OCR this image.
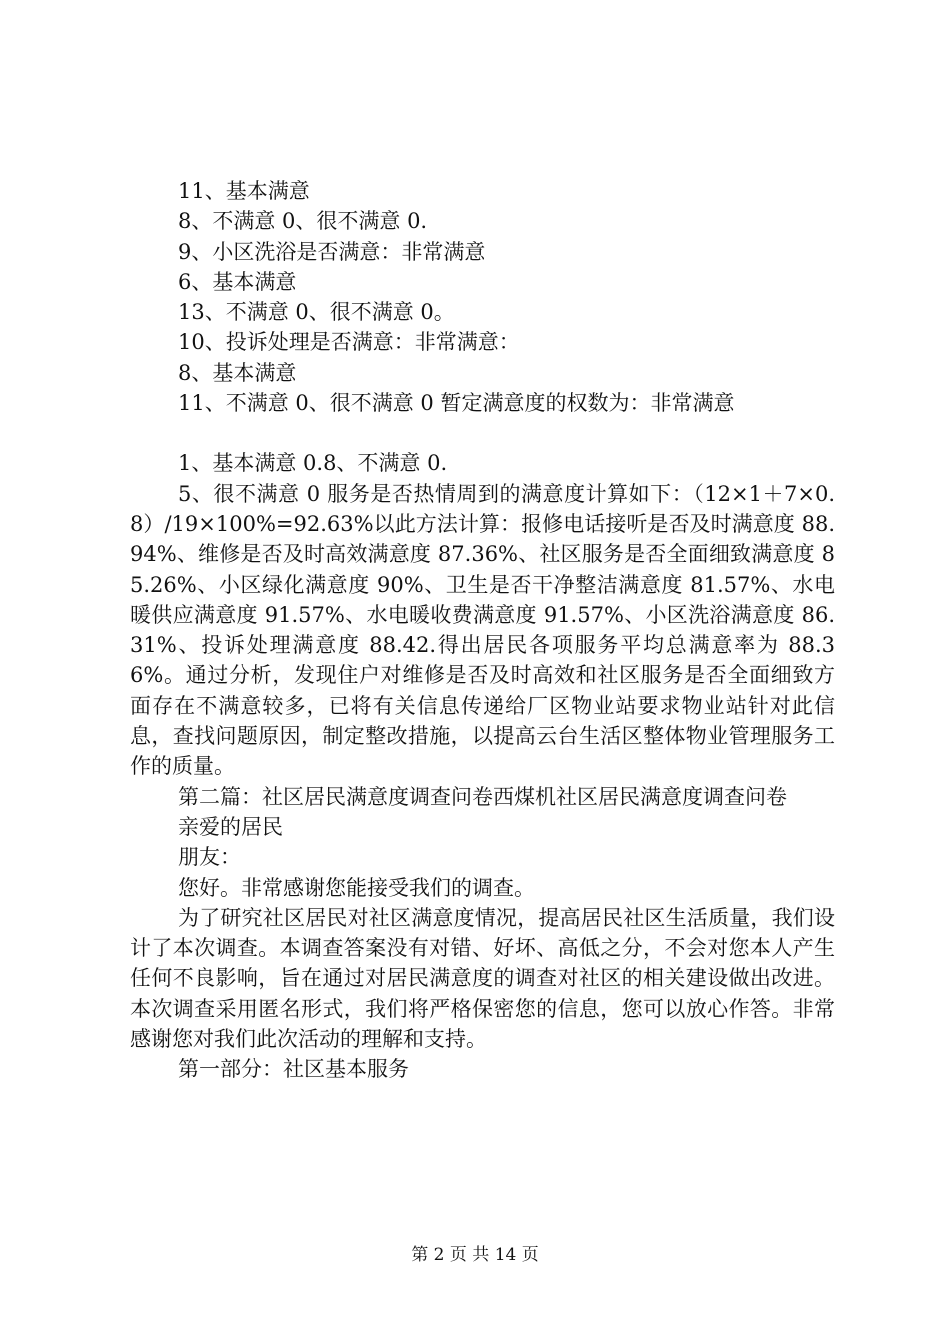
11、基本满意

8、不满意 0、很不满意 0.

9、小区洗浴是否满意：非常满意

6、基本满意

13、不满意 0、很不满意 0。

10、投诉处理是否满意：非常满意：

8、基本满意

11、不满意 0、很不满意 0 暂定满意度的权数为：非常满意

1、基本满意 0.8、不满意 0.

5、很不满意 0 服务是否热情周到的满意度计算如下：（12×1＋7×0.8）/19×100%=92.63%以此方法计算：报修电话接听是否及时满意度 88.94%、维修是否及时高效满意度 87.36%、社区服务是否全面细致满意度 85.26%、小区绿化满意度 90%、卫生是否干净整洁满意度 81.57%、水电暖供应满意度 91.57%、水电暖收费满意度 91.57%、小区洗浴满意度 86.31%、投诉处理满意度 88.42.得出居民各项服务平均总满意率为 88.36%。通过分析，发现住户对维修是否及时高效和社区服务是否全面细致方面存在不满意较多，已将有关信息传递给厂区物业站要求物业站针对此信息，查找问题原因，制定整改措施，以提高云台生活区整体物业管理服务工作的质量。

第二篇：社区居民满意度调查问卷西煤机社区居民满意度调查问卷

亲爱的居民

朋友：

您好。非常感谢您能接受我们的调查。

为了研究社区居民对社区满意度情况，提高居民社区生活质量，我们设计了本次调查。本调查答案没有对错、好坏、高低之分，不会对您本人产生任何不良影响，旨在通过对居民满意度的调查对社区的相关建设做出改进。本次调查采用匿名形式，我们将严格保密您的信息，您可以放心作答。非常感谢您对我们此次活动的理解和支持。

第一部分：社区基本服务

第 2 页 共 14 页
